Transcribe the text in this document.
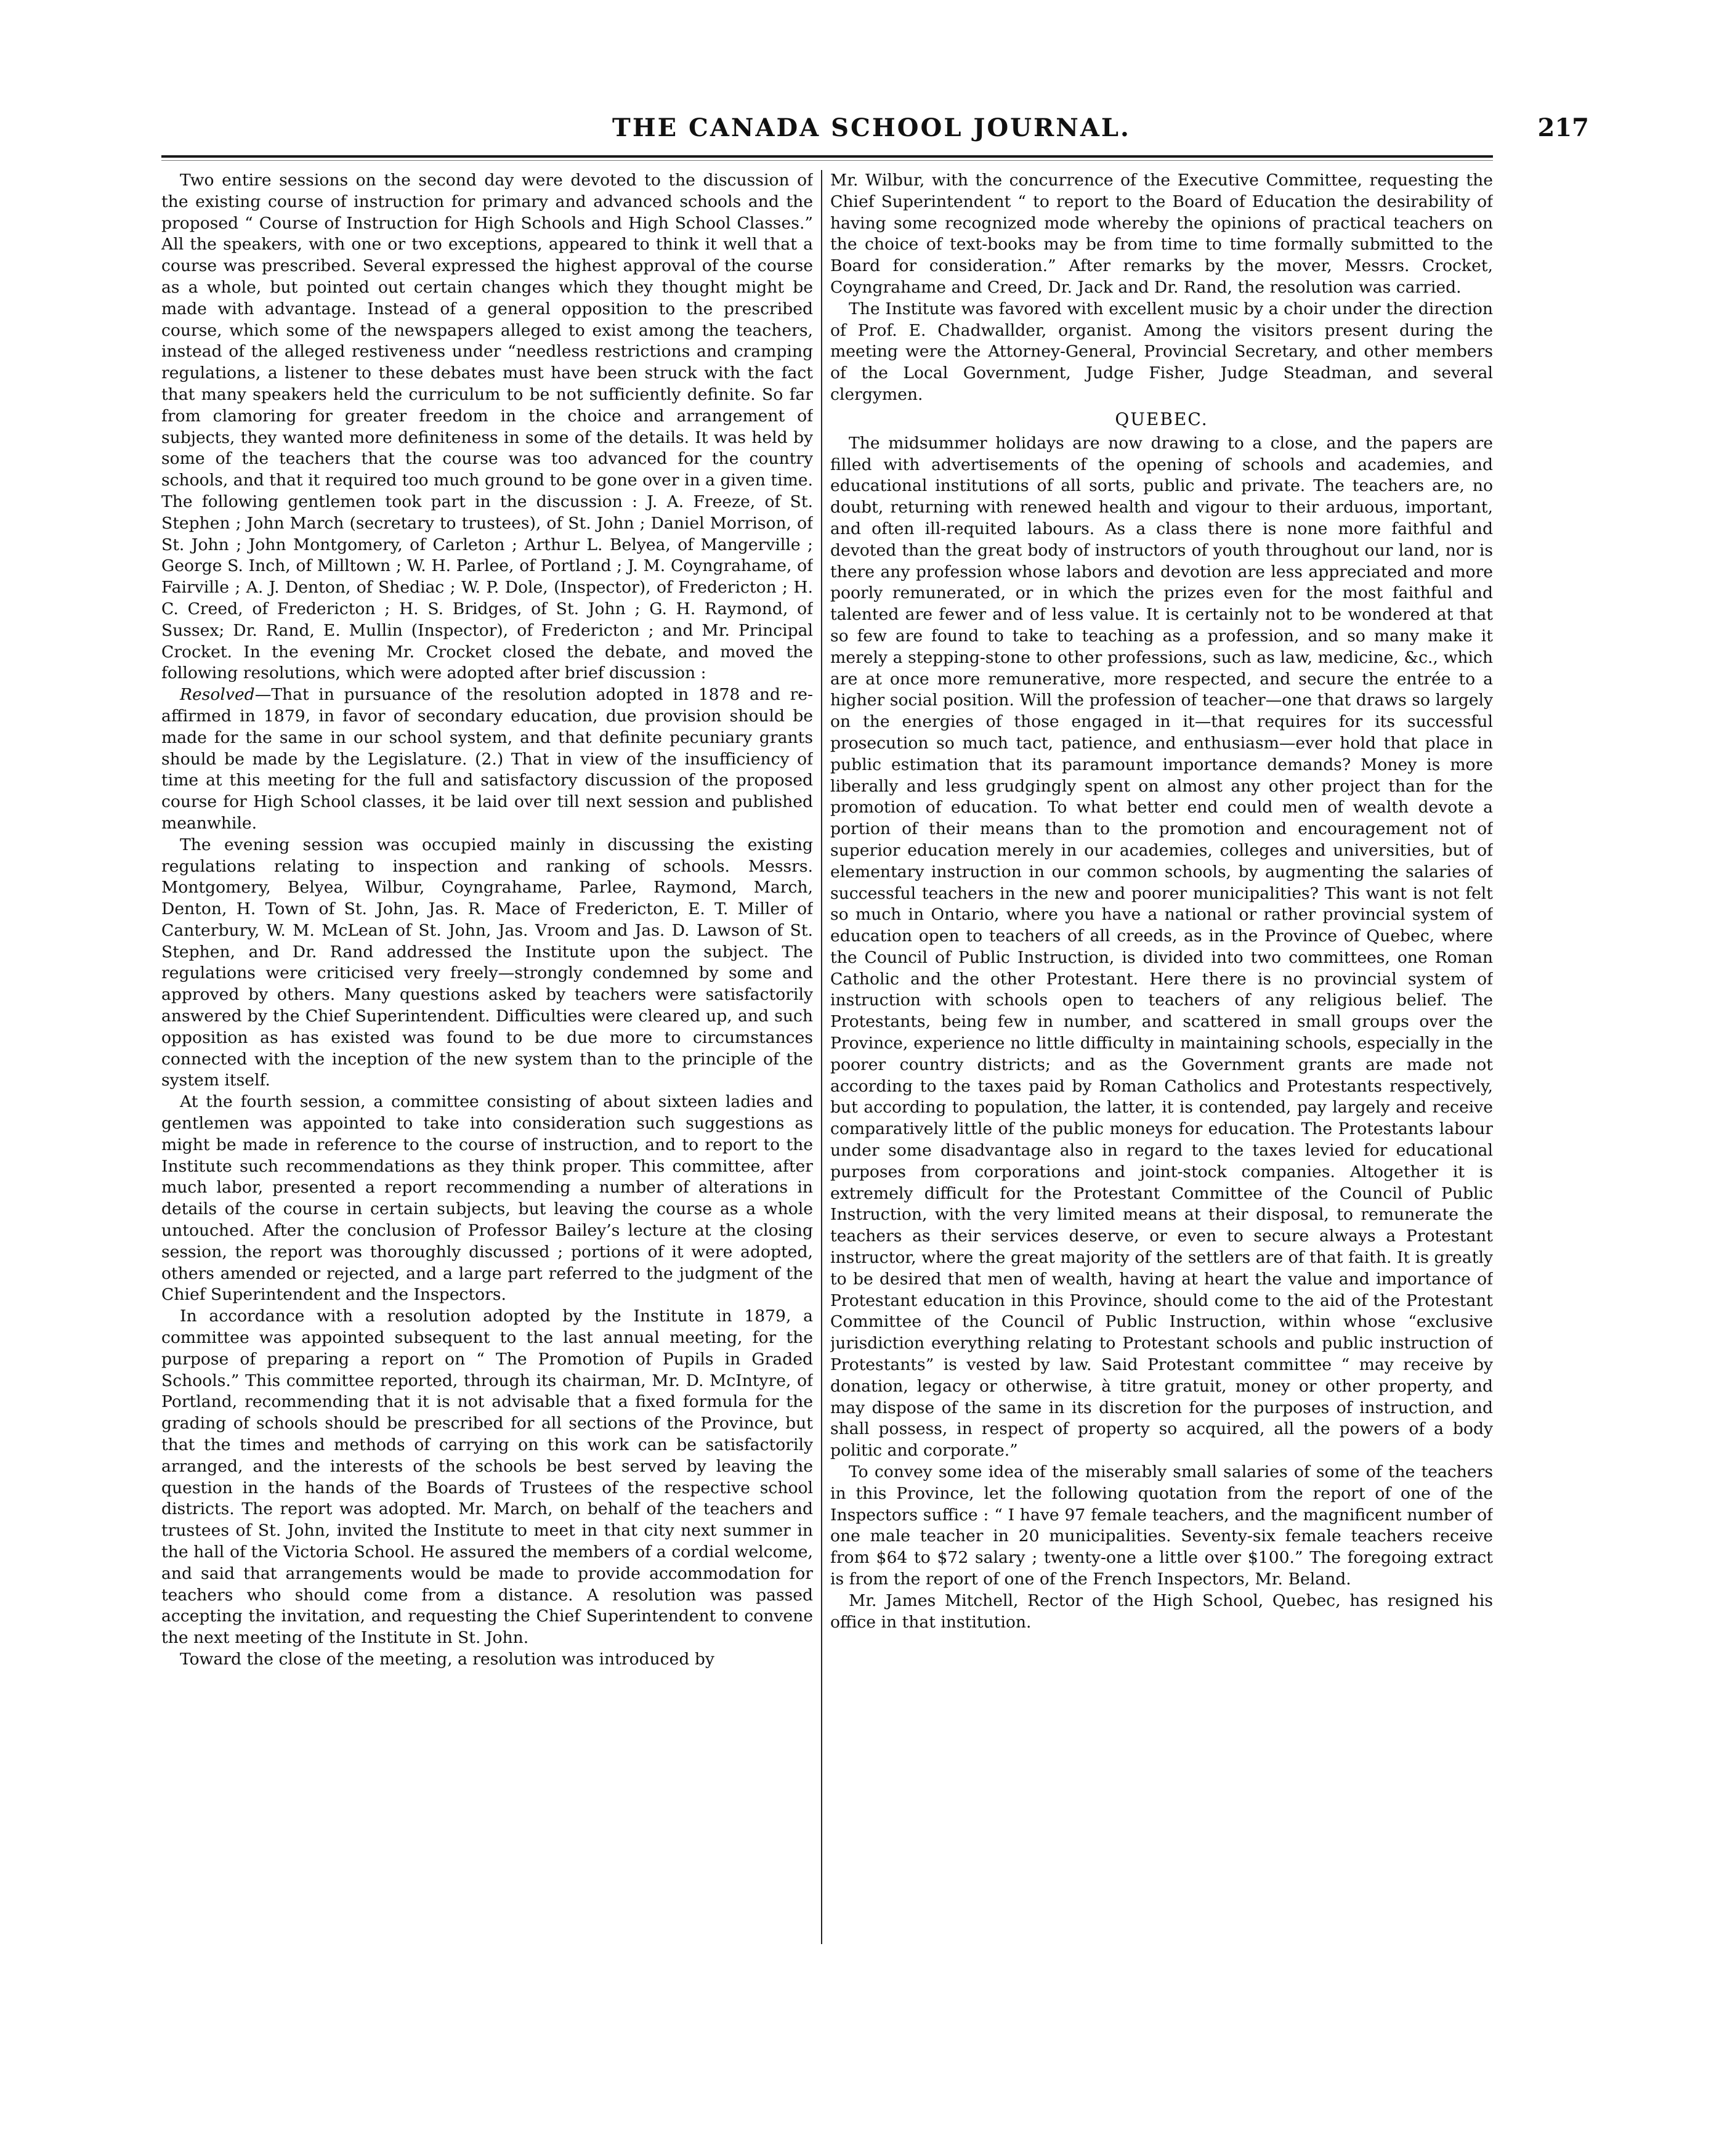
THE CANADA SCHOOL JOURNAL.	217

Two entire sessions on the second day were devoted to the discussion of the existing course of instruction for primary and advanced schools and the proposed “ Course of Instruction for High Schools and High School Classes.” All the speakers, with one or two exceptions, appeared to think it well that a course was prescribed. Several expressed the highest approval of the course as a whole, but pointed out certain changes which they thought might be made with advantage. Instead of a general opposition to the prescribed course, which some of the newspapers alleged to exist among the teachers, instead of the alleged restiveness under “needless restrictions and cramping regulations, a listener to these debates must have been struck with the fact that many speakers held the curriculum to be not sufficiently definite. So far from clamoring for greater freedom in the choice and arrangement of subjects, they wanted more definiteness in some of the details. It was held by some of the teachers that the course was too advanced for the country schools, and that it required too much ground to be gone over in a given time. The following gentlemen took part in the discussion : J. A. Freeze, of St. Stephen ; John March (secretary to trustees), of St. John ; Daniel Morrison, of St. John ; John Montgomery, of Carleton ; Arthur L. Belyea, of Mangerville ; George S. Inch, of Milltown ; W. H. Parlee, of Portland ; J. M. Coyngrahame, of Fairville ; A. J. Denton, of Shediac ; W. P. Dole, (Inspector), of Fredericton ; H. C. Creed, of Fredericton ; H. S. Bridges, of St. John ; G. H. Raymond, of Sussex; Dr. Rand, E. Mullin (Inspector), of Fredericton ; and Mr. Principal Crocket. In the evening Mr. Crocket closed the debate, and moved the following resolutions, which were adopted after brief discussion :

Resolved—That in pursuance of the resolution adopted in 1878 and re-affirmed in 1879, in favor of secondary education, due provision should be made for the same in our school system, and that definite pecuniary grants should be made by the Legislature. (2.) That in view of the insufficiency of time at this meeting for the full and satisfactory discussion of the proposed course for High School classes, it be laid over till next session and published meanwhile.

The evening session was occupied mainly in discussing the existing regulations relating to inspection and ranking of schools. Messrs. Montgomery, Belyea, Wilbur, Coyngrahame, Parlee, Raymond, March, Denton, H. Town of St. John, Jas. R. Mace of Fredericton, E. T. Miller of Canterbury, W. M. McLean of St. John, Jas. Vroom and Jas. D. Lawson of St. Stephen, and Dr. Rand addressed the Institute upon the subject. The regulations were criticised very freely—strongly condemned by some and approved by others. Many questions asked by teachers were satisfactorily answered by the Chief Superintendent. Difficulties were cleared up, and such opposition as has existed was found to be due more to circumstances connected with the inception of the new system than to the principle of the system itself.

At the fourth session, a committee consisting of about sixteen ladies and gentlemen was appointed to take into consideration such suggestions as might be made in reference to the course of instruction, and to report to the Institute such recommendations as they think proper. This committee, after much labor, presented a report recommending a number of alterations in details of the course in certain subjects, but leaving the course as a whole untouched. After the conclusion of Professor Bailey’s lecture at the closing session, the report was thoroughly discussed ; portions of it were adopted, others amended or rejected, and a large part referred to the judgment of the Chief Superintendent and the Inspectors.

In accordance with a resolution adopted by the Institute in 1879, a committee was appointed subsequent to the last annual meeting, for the purpose of preparing a report on “ The Promotion of Pupils in Graded Schools.” This committee reported, through its chairman, Mr. D. McIntyre, of Portland, recommending that it is not advisable that a fixed formula for the grading of schools should be prescribed for all sections of the Province, but that the times and methods of carrying on this work can be satisfactorily arranged, and the interests of the schools be best served by leaving the question in the hands of the Boards of Trustees of the respective school districts. The report was adopted. Mr. March, on behalf of the teachers and trustees of St. John, invited the Institute to meet in that city next summer in the hall of the Victoria School. He assured the members of a cordial welcome, and said that arrangements would be made to provide accommodation for teachers who should come from a distance. A resolution was passed accepting the invitation, and requesting the Chief Superintendent to convene the next meeting of the Institute in St. John.

Toward the close of the meeting, a resolution was introduced by

Mr. Wilbur, with the concurrence of the Executive Committee, requesting the Chief Superintendent “ to report to the Board of Education the desirability of having some recognized mode whereby the opinions of practical teachers on the choice of text-books may be from time to time formally submitted to the Board for consideration.” After remarks by the mover, Messrs. Crocket, Coyngrahame and Creed, Dr. Jack and Dr. Rand, the resolution was carried.

The Institute was favored with excellent music by a choir under the direction of Prof. E. Chadwallder, organist. Among the visitors present during the meeting were the Attorney-General, Provincial Secretary, and other members of the Local Government, Judge Fisher, Judge Steadman, and several clergymen.

QUEBEC.

The midsummer holidays are now drawing to a close, and the papers are filled with advertisements of the opening of schools and academies, and educational institutions of all sorts, public and private. The teachers are, no doubt, returning with renewed health and vigour to their arduous, important, and often ill-requited labours. As a class there is none more faithful and devoted than the great body of instructors of youth throughout our land, nor is there any profession whose labors and devotion are less appreciated and more poorly remunerated, or in which the prizes even for the most faithful and talented are fewer and of less value. It is certainly not to be wondered at that so few are found to take to teaching as a profession, and so many make it merely a stepping-stone to other professions, such as law, medicine, &c., which are at once more remunerative, more respected, and secure the entrée to a higher social position. Will the profession of teacher—one that draws so largely on the energies of those engaged in it—that requires for its successful prosecution so much tact, patience, and enthusiasm—ever hold that place in public estimation that its paramount importance demands? Money is more liberally and less grudgingly spent on almost any other project than for the promotion of education. To what better end could men of wealth devote a portion of their means than to the promotion and encouragement not of superior education merely in our academies, colleges and universities, but of elementary instruction in our common schools, by augmenting the salaries of successful teachers in the new and poorer municipalities? This want is not felt so much in Ontario, where you have a national or rather provincial system of education open to teachers of all creeds, as in the Province of Quebec, where the Council of Public Instruction, is divided into two committees, one Roman Catholic and the other Protestant. Here there is no provincial system of instruction with schools open to teachers of any religious belief. The Protestants, being few in number, and scattered in small groups over the Province, experience no little difficulty in maintaining schools, especially in the poorer country districts; and as the Government grants are made not according to the taxes paid by Roman Catholics and Protestants respectively, but according to population, the latter, it is contended, pay largely and receive comparatively little of the public moneys for education. The Protestants labour under some disadvantage also in regard to the taxes levied for educational purposes from corporations and joint-stock companies. Altogether it is extremely difficult for the Protestant Committee of the Council of Public Instruction, with the very limited means at their disposal, to remunerate the teachers as their services deserve, or even to secure always a Protestant instructor, where the great majority of the settlers are of that faith. It is greatly to be desired that men of wealth, having at heart the value and importance of Protestant education in this Province, should come to the aid of the Protestant Committee of the Council of Public Instruction, within whose “exclusive jurisdiction everything relating to Protestant schools and public instruction of Protestants” is vested by law. Said Protestant committee “ may receive by donation, legacy or otherwise, à titre gratuit, money or other property, and may dispose of the same in its discretion for the purposes of instruction, and shall possess, in respect of property so acquired, all the powers of a body politic and corporate.”

To convey some idea of the miserably small salaries of some of the teachers in this Province, let the following quotation from the report of one of the Inspectors suffice : “ I have 97 female teachers, and the magnificent number of one male teacher in 20 municipalities. Seventy-six female teachers receive from $64 to $72 salary ; twenty-one a little over $100.” The foregoing extract is from the report of one of the French Inspectors, Mr. Beland.

Mr. James Mitchell, Rector of the High School, Quebec, has resigned his office in that institution.
